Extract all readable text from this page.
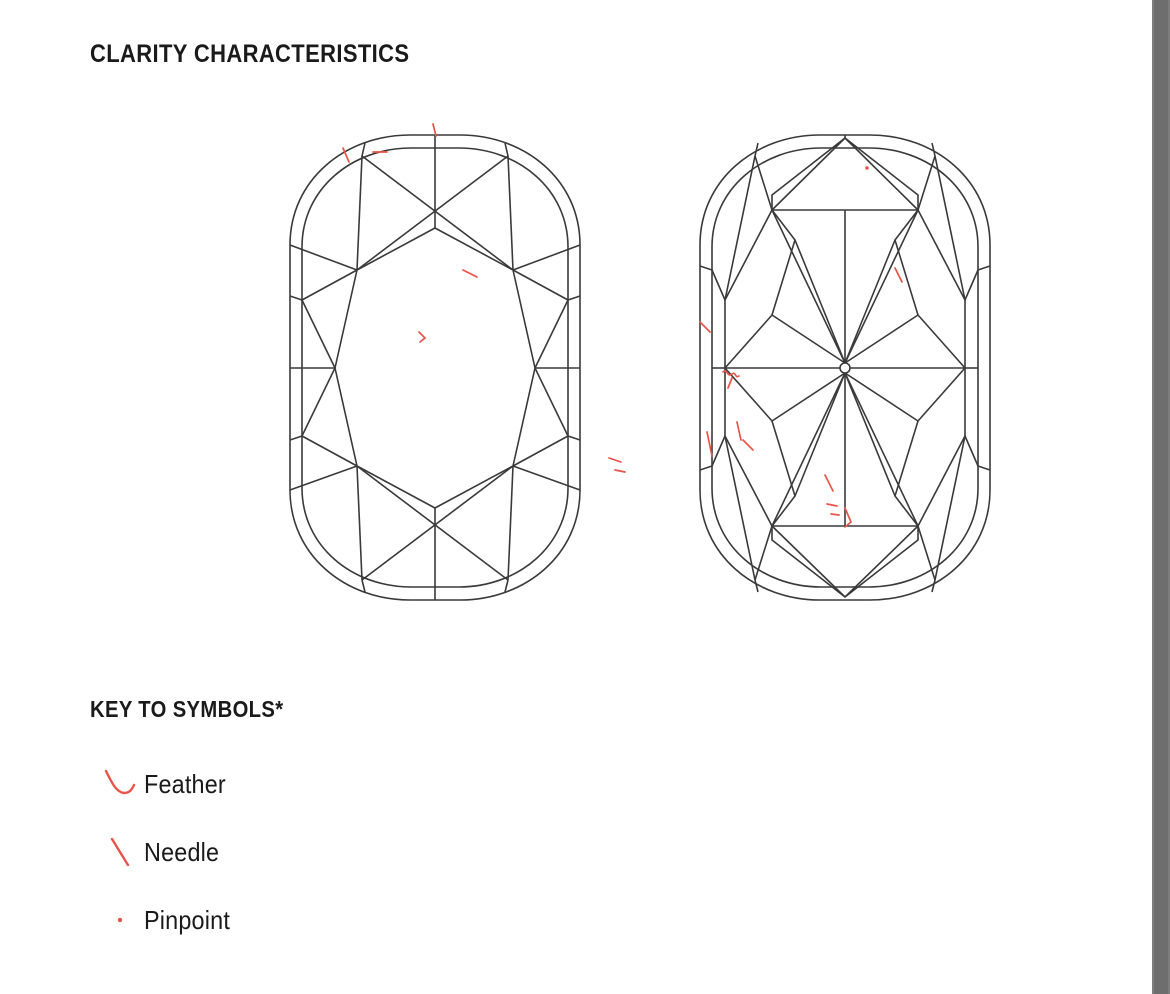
CLARITY CHARACTERISTICS
KEY TO SYMBOLS*
Feather
Needle
Pinpoint
